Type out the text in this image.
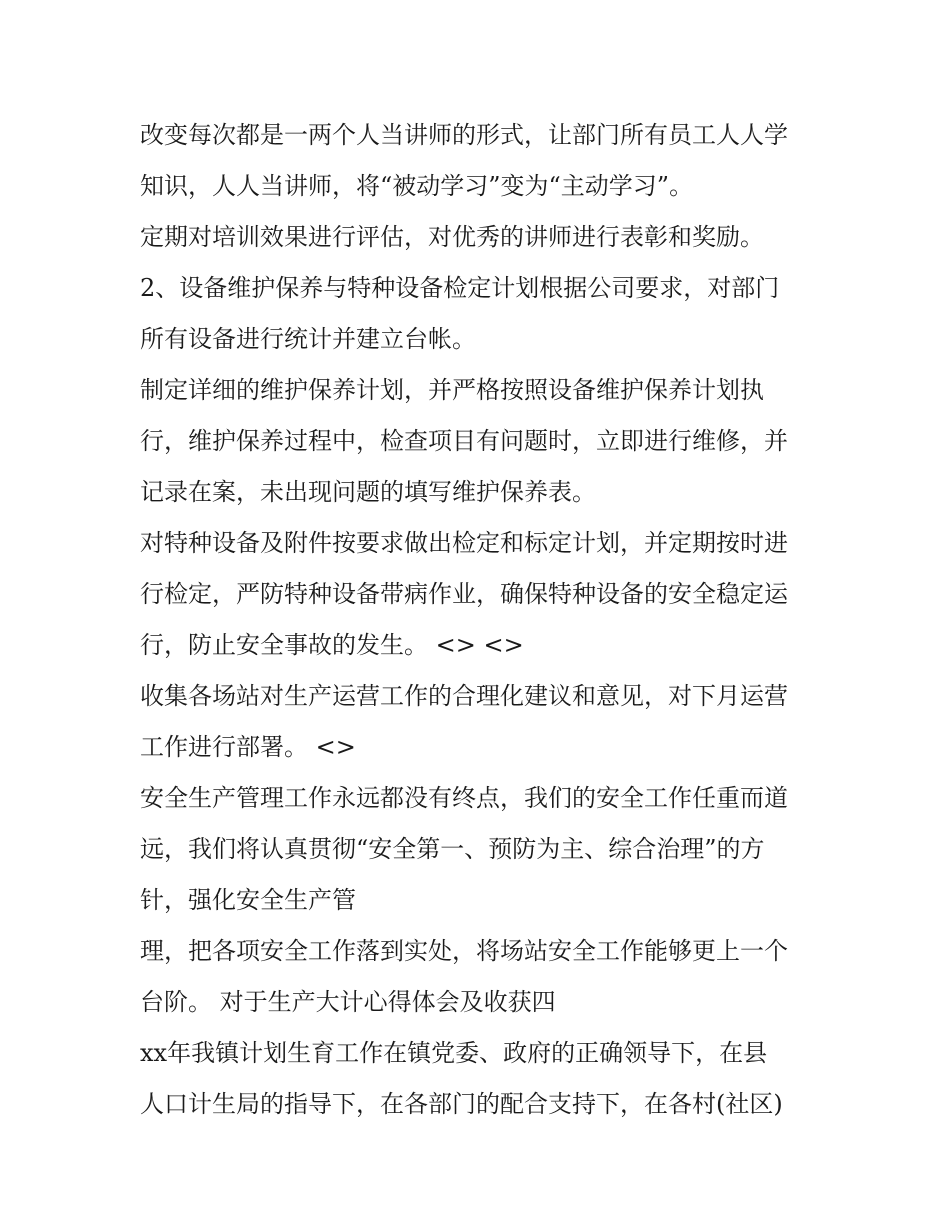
改变每次都是一两个人当讲师的形式，让部门所有员工人人学
知识，人人当讲师，将“被动学习”变为“主动学习”。
定期对培训效果进行评估，对优秀的讲师进行表彰和奖励。
2、设备维护保养与特种设备检定计划根据公司要求，对部门
所有设备进行统计并建立台帐。
制定详细的维护保养计划，并严格按照设备维护保养计划执
行，维护保养过程中，检查项目有问题时，立即进行维修，并
记录在案，未出现问题的填写维护保养表。
对特种设备及附件按要求做出检定和标定计划，并定期按时进
行检定，严防特种设备带病作业，确保特种设备的安全稳定运
行，防止安全事故的发生。 <> <>
收集各场站对生产运营工作的合理化建议和意见，对下月运营
工作进行部署。 <>
安全生产管理工作永远都没有终点，我们的安全工作任重而道
远，我们将认真贯彻“安全第一、预防为主、综合治理”的方
针，强化安全生产管
理，把各项安全工作落到实处，将场站安全工作能够更上一个
台阶。 对于生产大计心得体会及收获四
xx年我镇计划生育工作在镇党委、政府的正确领导下，在县
人口计生局的指导下，在各部门的配合支持下，在各村(社区)
